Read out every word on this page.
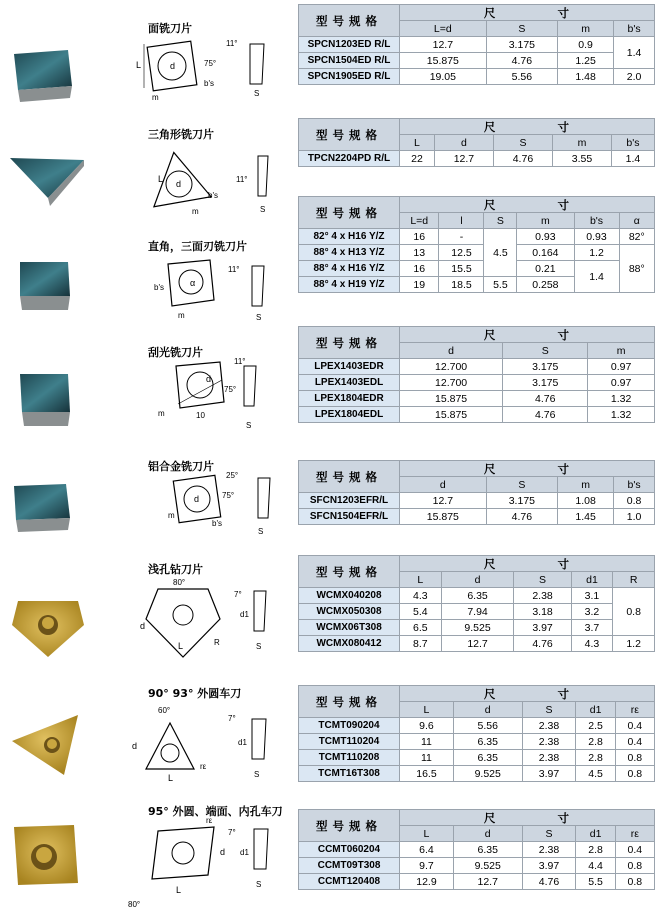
面铣刀片
L	d
m
75°
b's
11°
S
型号规格	尺 寸			

	L=d	S	m	b's
SPCN1203ED R/L	12.7	3.175	0.9	1.4
SPCN1504ED R/L	15.875	4.76	1.25	
SPCN1905ED R/L	19.05	5.56	1.48	2.0
三角形铣刀片
L d
b's
m
11°
S
型号规格	尺 寸				

	L	d	S	m	b's
TPCN2204PD R/L	22	12.7	4.76	3.55	1.4
直角，三面刃铣刀片
b's	α
m
11°
S
型号规格	尺 寸					

	L=d	l	S	m	b's	α
82° 4 x H16 Y/Z	16	-	4.5	0.93	0.93	82°
88° 4 x H13 Y/Z	13	12.5		0.164	1.2	88°
88° 4 x H16 Y/Z	16	15.5		0.21	1.4	
88° 4 x H19 Y/Z	19	18.5	5.5	0.258		
刮光铣刀片
d
m	10
75°
11°
S
型号规格	尺 寸		

	d	S	m
LPEX1403EDR	12.700	3.175	0.97
LPEX1403EDL	12.700	3.175	0.97
LPEX1804EDR	15.875	4.76	1.32
LPEX1804EDL	15.875	4.76	1.32
铝合金铣刀片
d
m
b's
75°
25°
S
型号规格	尺 寸			

	d	S	m	b's
SFCN1203EFR/L	12.7	3.175	1.08	0.8
SFCN1504EFR/L	15.875	4.76	1.45	1.0
浅孔钻刀片
80°
d
L	R
7°
d1
S
型号规格	尺 寸				

	L	d	S	d1	R
WCMX040208	4.3	6.35	2.38	3.1	0.8
WCMX050308	5.4	7.94	3.18	3.2	
WCMX06T308	6.5	9.525	3.97	3.7	
WCMX080412	8.7	12.7	4.76	4.3	1.2
90° 93° 外圆车刀
60°
d
L
rε
7°
d1
S
型号规格	尺 寸				

	L	d	S	d1	rε
TCMT090204	9.6	5.56	2.38	2.5	0.4
TCMT110204	11	6.35	2.38	2.8	0.4
TCMT110208	11	6.35	2.38	2.8	0.8
TCMT16T308	16.5	9.525	3.97	4.5	0.8
95° 外圆、端面、内孔车刀
rε
d
L
80°
7°
d1
S
型号规格	尺 寸				

	L	d	S	d1	rε
CCMT060204	6.4	6.35	2.38	2.8	0.4
CCMT09T308	9.7	9.525	3.97	4.4	0.8
CCMT120408	12.9	12.7	4.76	5.5	0.8
